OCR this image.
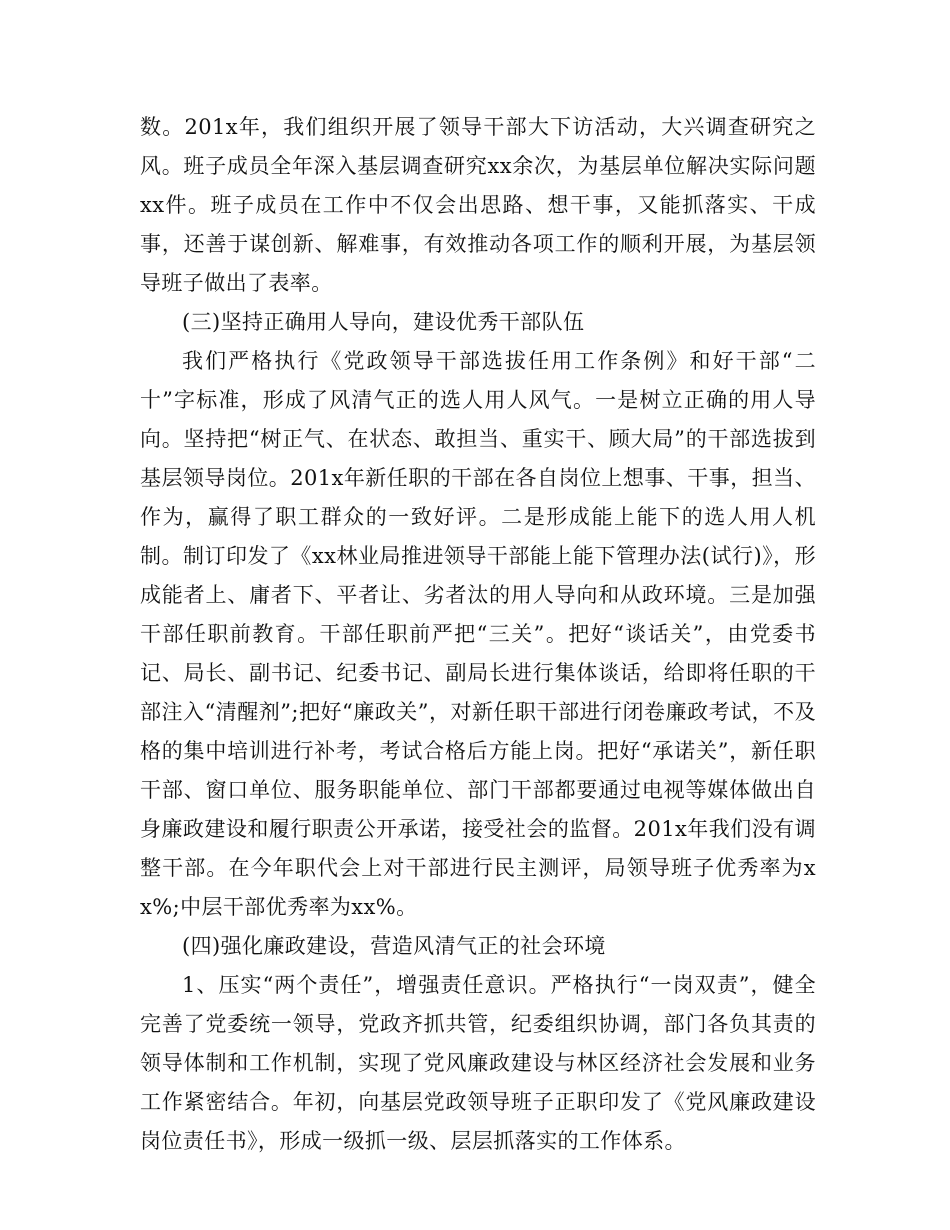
数。201x年，我们组织开展了领导干部大下访活动，大兴调查研究之风。班子成员全年深入基层调查研究xx余次，为基层单位解决实际问题xx件。班子成员在工作中不仅会出思路、想干事，又能抓落实、干成事，还善于谋创新、解难事，有效推动各项工作的顺利开展，为基层领导班子做出了表率。

(三)坚持正确用人导向，建设优秀干部队伍

我们严格执行《党政领导干部选拔任用工作条例》和好干部“二十”字标准，形成了风清气正的选人用人风气。一是树立正确的用人导向。坚持把“树正气、在状态、敢担当、重实干、顾大局”的干部选拔到基层领导岗位。201x年新任职的干部在各自岗位上想事、干事，担当、作为，赢得了职工群众的一致好评。二是形成能上能下的选人用人机制。制订印发了《xx林业局推进领导干部能上能下管理办法(试行)》，形成能者上、庸者下、平者让、劣者汰的用人导向和从政环境。三是加强干部任职前教育。干部任职前严把“三关”。把好“谈话关”，由党委书记、局长、副书记、纪委书记、副局长进行集体谈话，给即将任职的干部注入“清醒剂”;把好“廉政关”，对新任职干部进行闭卷廉政考试，不及格的集中培训进行补考，考试合格后方能上岗。把好“承诺关”，新任职干部、窗口单位、服务职能单位、部门干部都要通过电视等媒体做出自身廉政建设和履行职责公开承诺，接受社会的监督。201x年我们没有调整干部。在今年职代会上对干部进行民主测评，局领导班子优秀率为xx%;中层干部优秀率为xx%。

(四)强化廉政建设，营造风清气正的社会环境

1、压实“两个责任”，增强责任意识。严格执行“一岗双责”，健全完善了党委统一领导，党政齐抓共管，纪委组织协调，部门各负其责的领导体制和工作机制，实现了党风廉政建设与林区经济社会发展和业务工作紧密结合。年初，向基层党政领导班子正职印发了《党风廉政建设岗位责任书》，形成一级抓一级、层层抓落实的工作体系。
